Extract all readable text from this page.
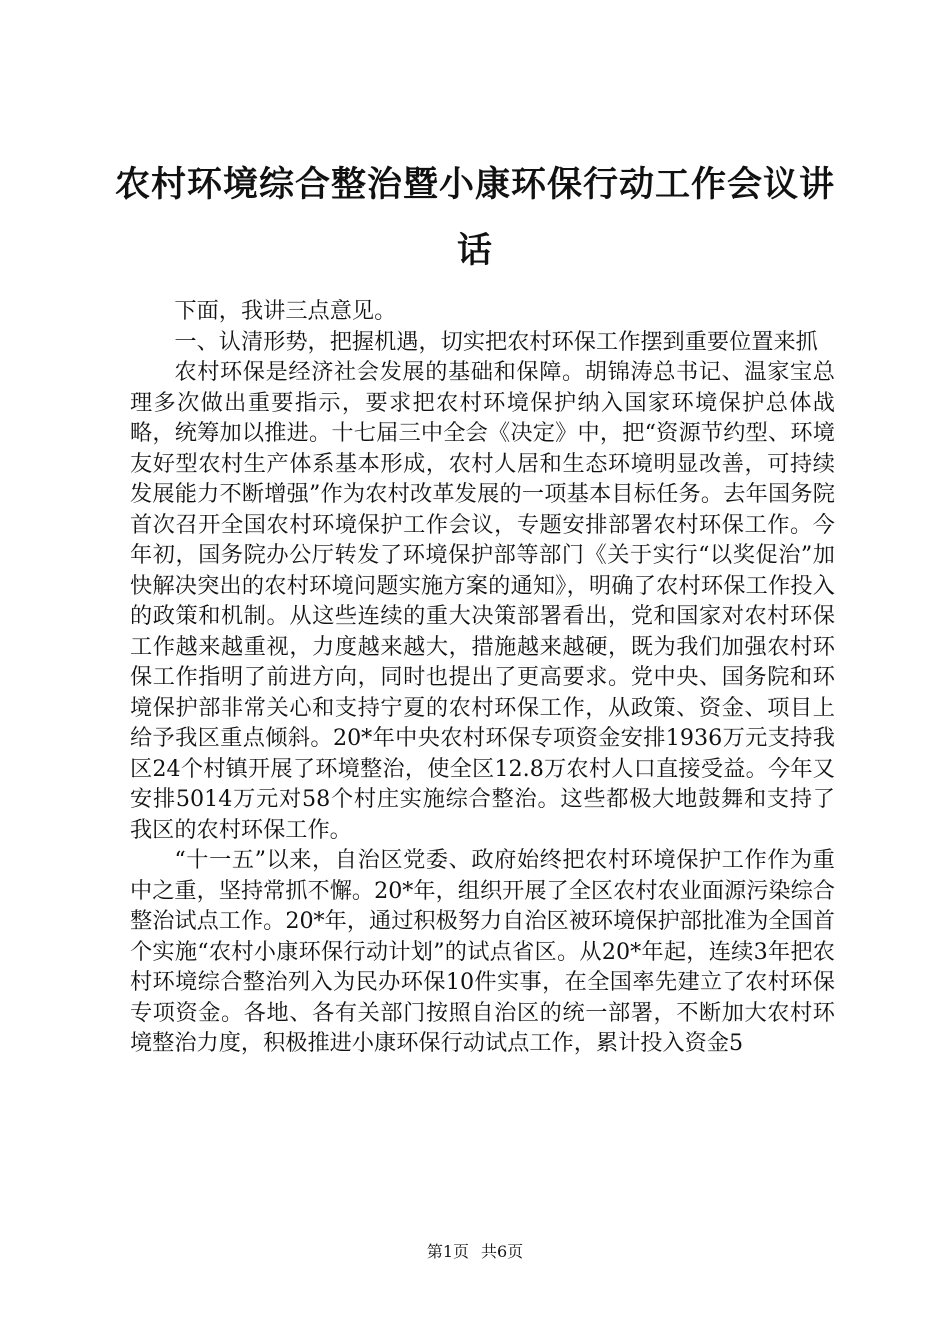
农村环境综合整治暨小康环保行动工作会议讲话

下面，我讲三点意见。

一、认清形势，把握机遇，切实把农村环保工作摆到重要位置来抓

农村环保是经济社会发展的基础和保障。胡锦涛总书记、温家宝总理多次做出重要指示，要求把农村环境保护纳入国家环境保护总体战略，统筹加以推进。十七届三中全会《决定》中，把“资源节约型、环境友好型农村生产体系基本形成，农村人居和生态环境明显改善，可持续发展能力不断增强”作为农村改革发展的一项基本目标任务。去年国务院首次召开全国农村环境保护工作会议，专题安排部署农村环保工作。今年初，国务院办公厅转发了环境保护部等部门《关于实行“以奖促治”加快解决突出的农村环境问题实施方案的通知》，明确了农村环保工作投入的政策和机制。从这些连续的重大决策部署看出，党和国家对农村环保工作越来越重视，力度越来越大，措施越来越硬，既为我们加强农村环保工作指明了前进方向，同时也提出了更高要求。党中央、国务院和环境保护部非常关心和支持宁夏的农村环保工作，从政策、资金、项目上给予我区重点倾斜。20*年中央农村环保专项资金安排1936万元支持我区24个村镇开展了环境整治，使全区12.8万农村人口直接受益。今年又安排5014万元对58个村庄实施综合整治。这些都极大地鼓舞和支持了我区的农村环保工作。

“十一五”以来，自治区党委、政府始终把农村环境保护工作作为重中之重，坚持常抓不懈。20*年，组织开展了全区农村农业面源污染综合整治试点工作。20*年，通过积极努力自治区被环境保护部批准为全国首个实施“农村小康环保行动计划”的试点省区。从20*年起，连续3年把农村环境综合整治列入为民办环保10件实事，在全国率先建立了农村环保专项资金。各地、各有关部门按照自治区的统一部署，不断加大农村环境整治力度，积极推进小康环保行动试点工作，累计投入资金5

第1页 共6页
